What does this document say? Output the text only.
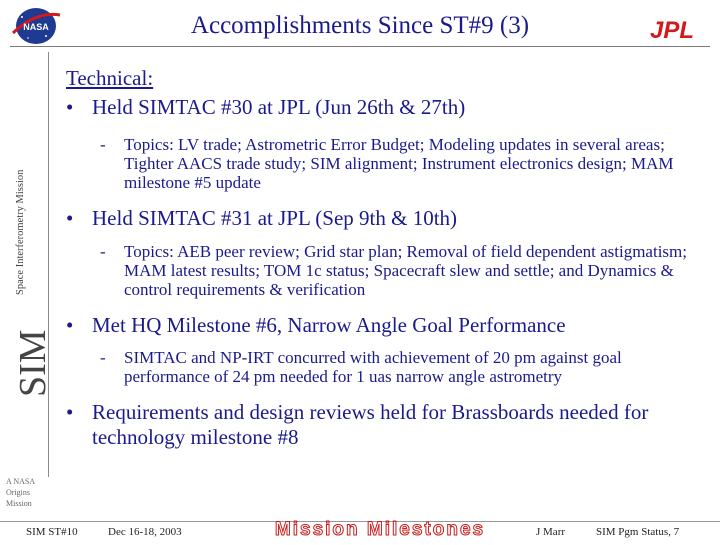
NASA	Accomplishments Since ST#9 (3)	JPL
Space Interferometry Mission
SIM
A NASA
Origins
Mission
Technical:
• Held SIMTAC #30 at JPL (Jun 26th & 27th)
- Topics: LV trade; Astrometric Error Budget; Modeling updates in several areas; Tighter AACS trade study; SIM alignment; Instrument electronics design; MAM milestone #5 update
• Held SIMTAC #31 at JPL (Sep 9th & 10th)
- Topics: AEB peer review; Grid star plan; Removal of field dependent astigmatism; MAM latest results; TOM 1c status; Spacecraft slew and settle; and Dynamics & control requirements & verification
• Met HQ Milestone #6, Narrow Angle Goal Performance
- SIMTAC and NP-IRT concurred with achievement of 20 pm against goal performance of 24 pm needed for 1 uas narrow angle astrometry
• Requirements and design reviews held for Brassboards needed for technology milestone #8
SIM ST#10	Dec 16-18, 2003	Mission Milestones	J Marr	SIM Pgm Status, 7
